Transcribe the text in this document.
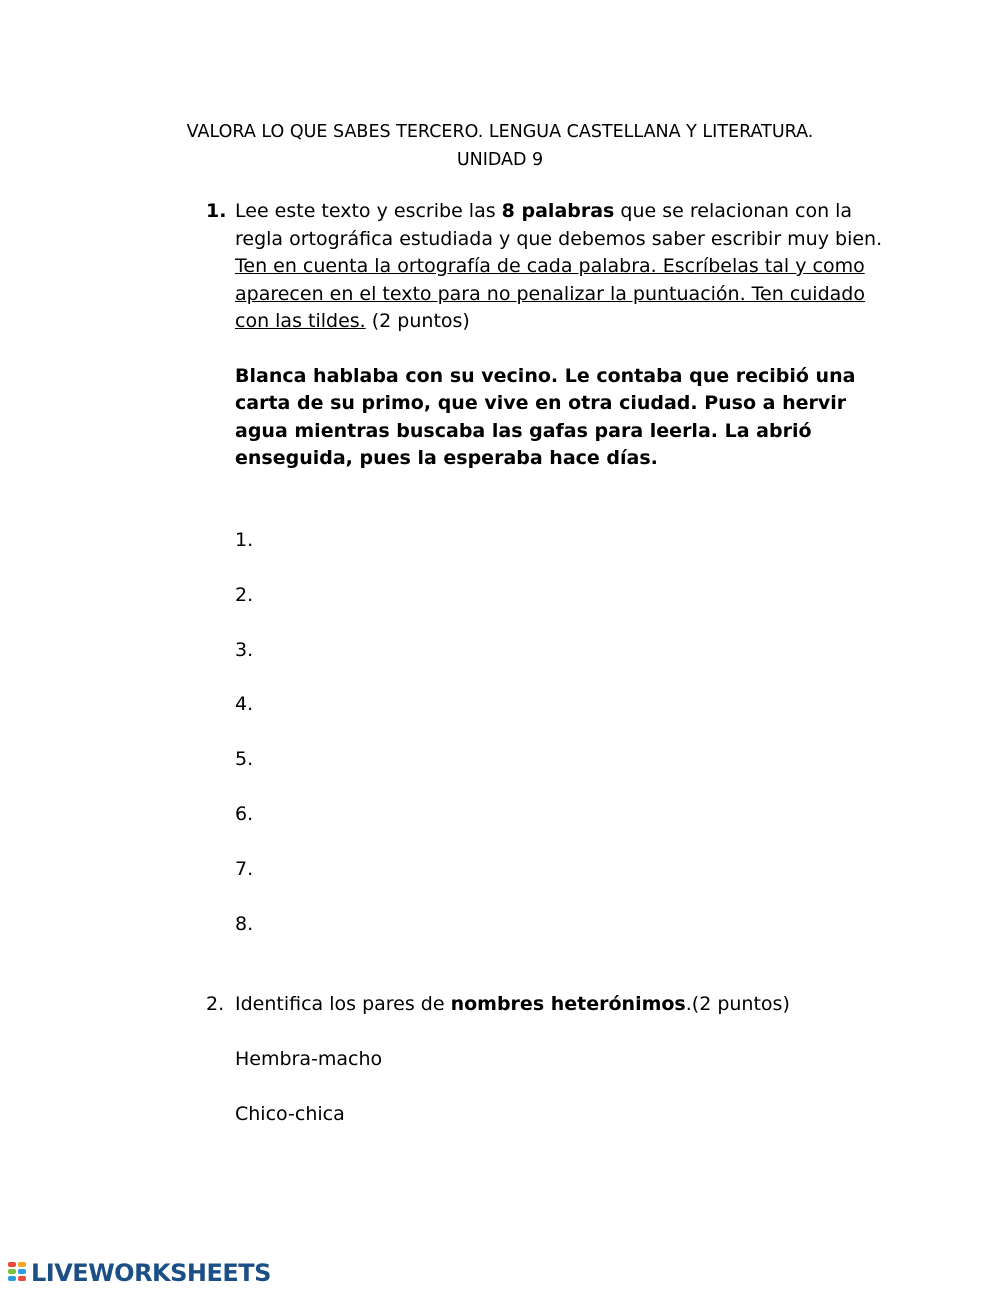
VALORA LO QUE SABES TERCERO. LENGUA CASTELLANA Y LITERATURA.
UNIDAD 9
1. Lee este texto y escribe las 8 palabras que se relacionan con la regla ortográfica estudiada y que debemos saber escribir muy bien. Ten en cuenta la ortografía de cada palabra. Escríbelas tal y como aparecen en el texto para no penalizar la puntuación. Ten cuidado con las tildes. (2 puntos)
Blanca hablaba con su vecino. Le contaba que recibió una carta de su primo, que vive en otra ciudad. Puso a hervir agua mientras buscaba las gafas para leerla. La abrió enseguida, pues la esperaba hace días.
1.
2.
3.
4.
5.
6.
7.
8.
2. Identifica los pares de nombres heterónimos.(2 puntos)
Hembra-macho
Chico-chica
LIVEWORKSHEETS
